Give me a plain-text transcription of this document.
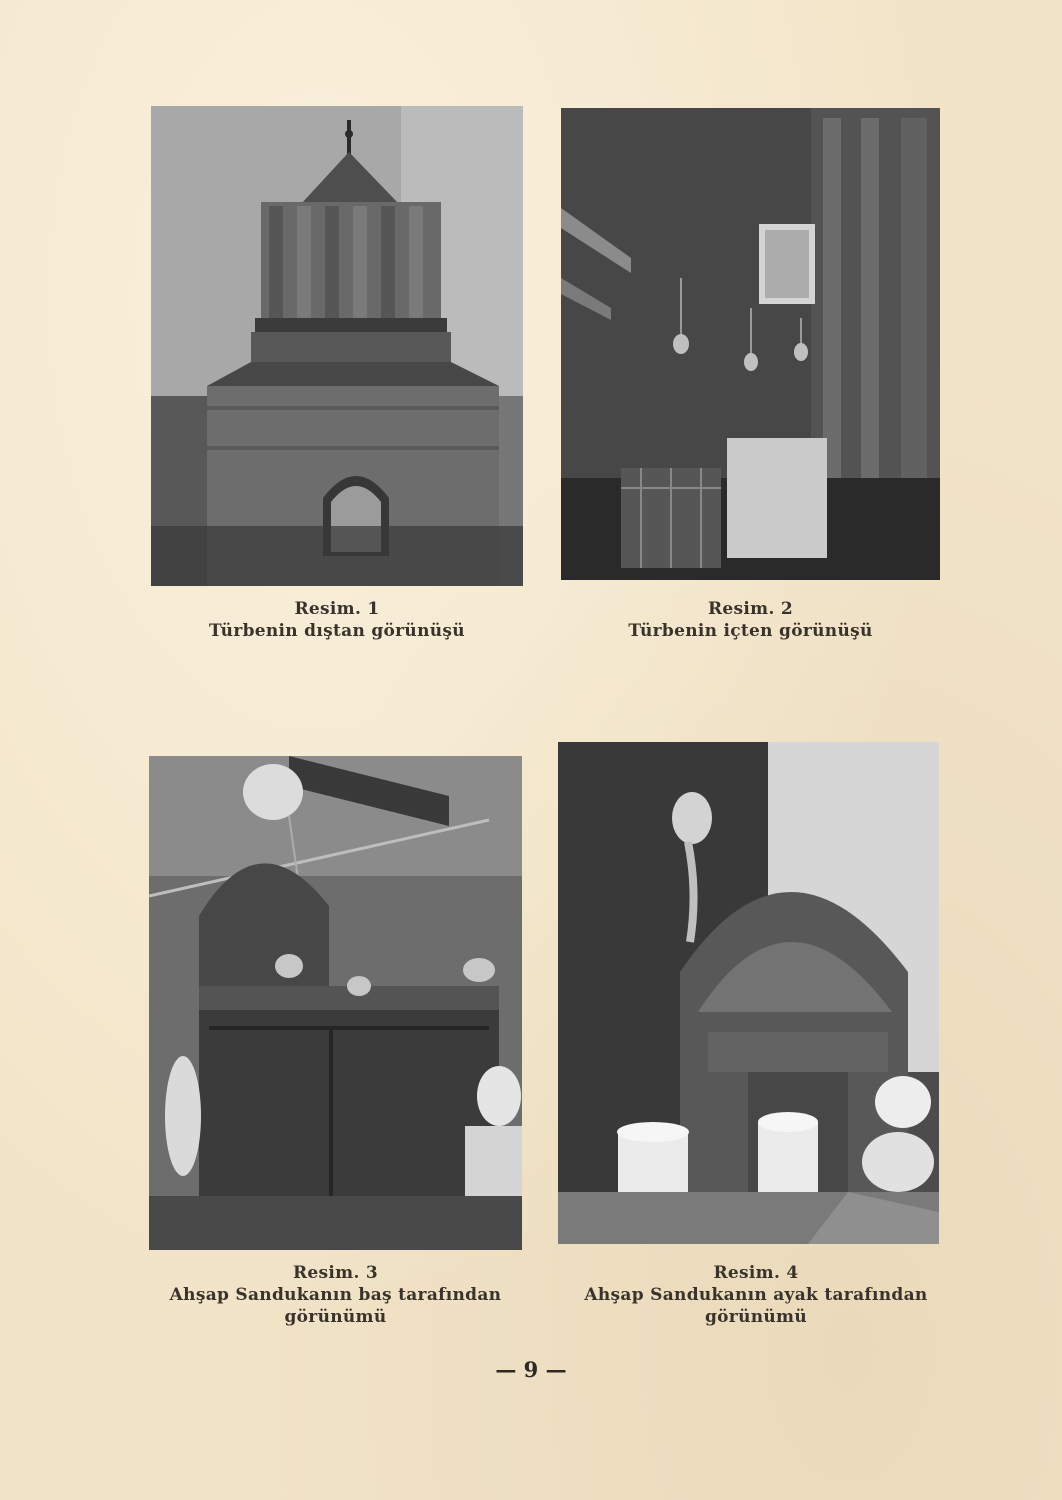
Resim. 1
Türbenin dıştan görünüşü
Resim. 2
Türbenin içten görünüşü
Resim. 3
Ahşap Sandukanın baş tarafından
görünümü
Resim. 4
Ahşap Sandukanın ayak tarafından
görünümü
— 9 —
